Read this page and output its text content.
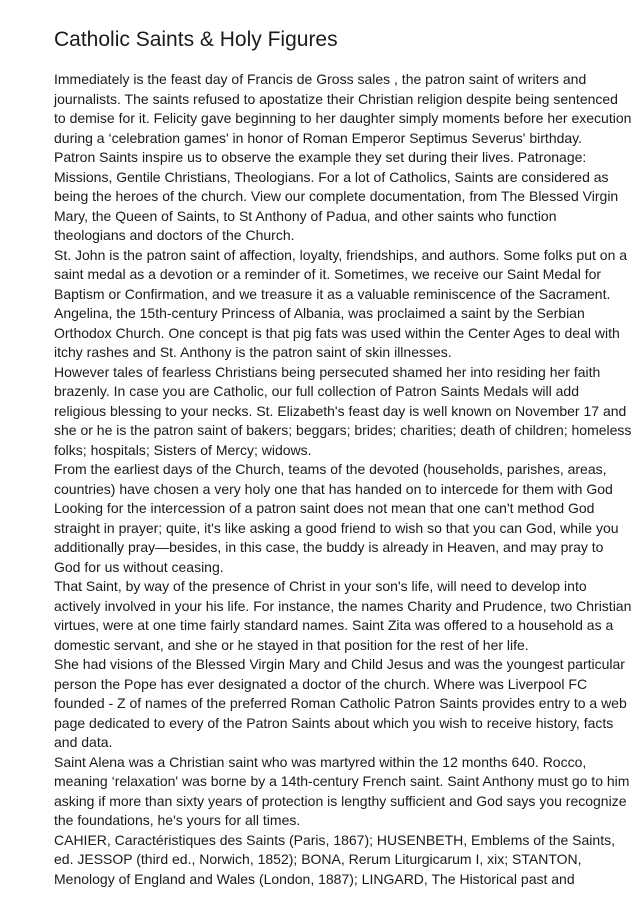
Catholic Saints & Holy Figures
Immediately is the feast day of Francis de Gross sales , the patron saint of writers and
journalists. The saints refused to apostatize their Christian religion despite being sentenced
to demise for it. Felicity gave beginning to her daughter simply moments before her execution
during a ‘celebration games' in honor of Roman Emperor Septimus Severus' birthday.
Patron Saints inspire us to observe the example they set during their lives. Patronage:
Missions, Gentile Christians, Theologians. For a lot of Catholics, Saints are considered as
being the heroes of the church. View our complete documentation, from The Blessed Virgin
Mary, the Queen of Saints, to St Anthony of Padua, and other saints who function
theologians and doctors of the Church.
St. John is the patron saint of affection, loyalty, friendships, and authors. Some folks put on a
saint medal as a devotion or a reminder of it. Sometimes, we receive our Saint Medal for
Baptism or Confirmation, and we treasure it as a valuable reminiscence of the Sacrament.
Angelina, the 15th-century Princess of Albania, was proclaimed a saint by the Serbian
Orthodox Church. One concept is that pig fats was used within the Center Ages to deal with
itchy rashes and St. Anthony is the patron saint of skin illnesses.
However tales of fearless Christians being persecuted shamed her into residing her faith
brazenly. In case you are Catholic, our full collection of Patron Saints Medals will add
religious blessing to your necks. St. Elizabeth's feast day is well known on November 17 and
she or he is the patron saint of bakers; beggars; brides; charities; death of children; homeless
folks; hospitals; Sisters of Mercy; widows.
From the earliest days of the Church, teams of the devoted (households, parishes, areas,
countries) have chosen a very holy one that has handed on to intercede for them with God
Looking for the intercession of a patron saint does not mean that one can't method God
straight in prayer; quite, it's like asking a good friend to wish so that you can God, while you
additionally pray—besides, in this case, the buddy is already in Heaven, and may pray to
God for us without ceasing.
That Saint, by way of the presence of Christ in your son's life, will need to develop into
actively involved in your his life. For instance, the names Charity and Prudence, two Christian
virtues, were at one time fairly standard names. Saint Zita was offered to a household as a
domestic servant, and she or he stayed in that position for the rest of her life.
She had visions of the Blessed Virgin Mary and Child Jesus and was the youngest particular
person the Pope has ever designated a doctor of the church. Where was Liverpool FC
founded - Z of names of the preferred Roman Catholic Patron Saints provides entry to a web
page dedicated to every of the Patron Saints about which you wish to receive history, facts
and data.
Saint Alena was a Christian saint who was martyred within the 12 months 640. Rocco,
meaning ‘relaxation' was borne by a 14th-century French saint. Saint Anthony must go to him
asking if more than sixty years of protection is lengthy sufficient and God says you recognize
the foundations, he's yours for all times.
CAHIER, Caractéristiques des Saints (Paris, 1867); HUSENBETH, Emblems of the Saints,
ed. JESSOP (third ed., Norwich, 1852); BONA, Rerum Liturgicarum I, xix; STANTON,
Menology of England and Wales (London, 1887); LINGARD, The Historical past and
